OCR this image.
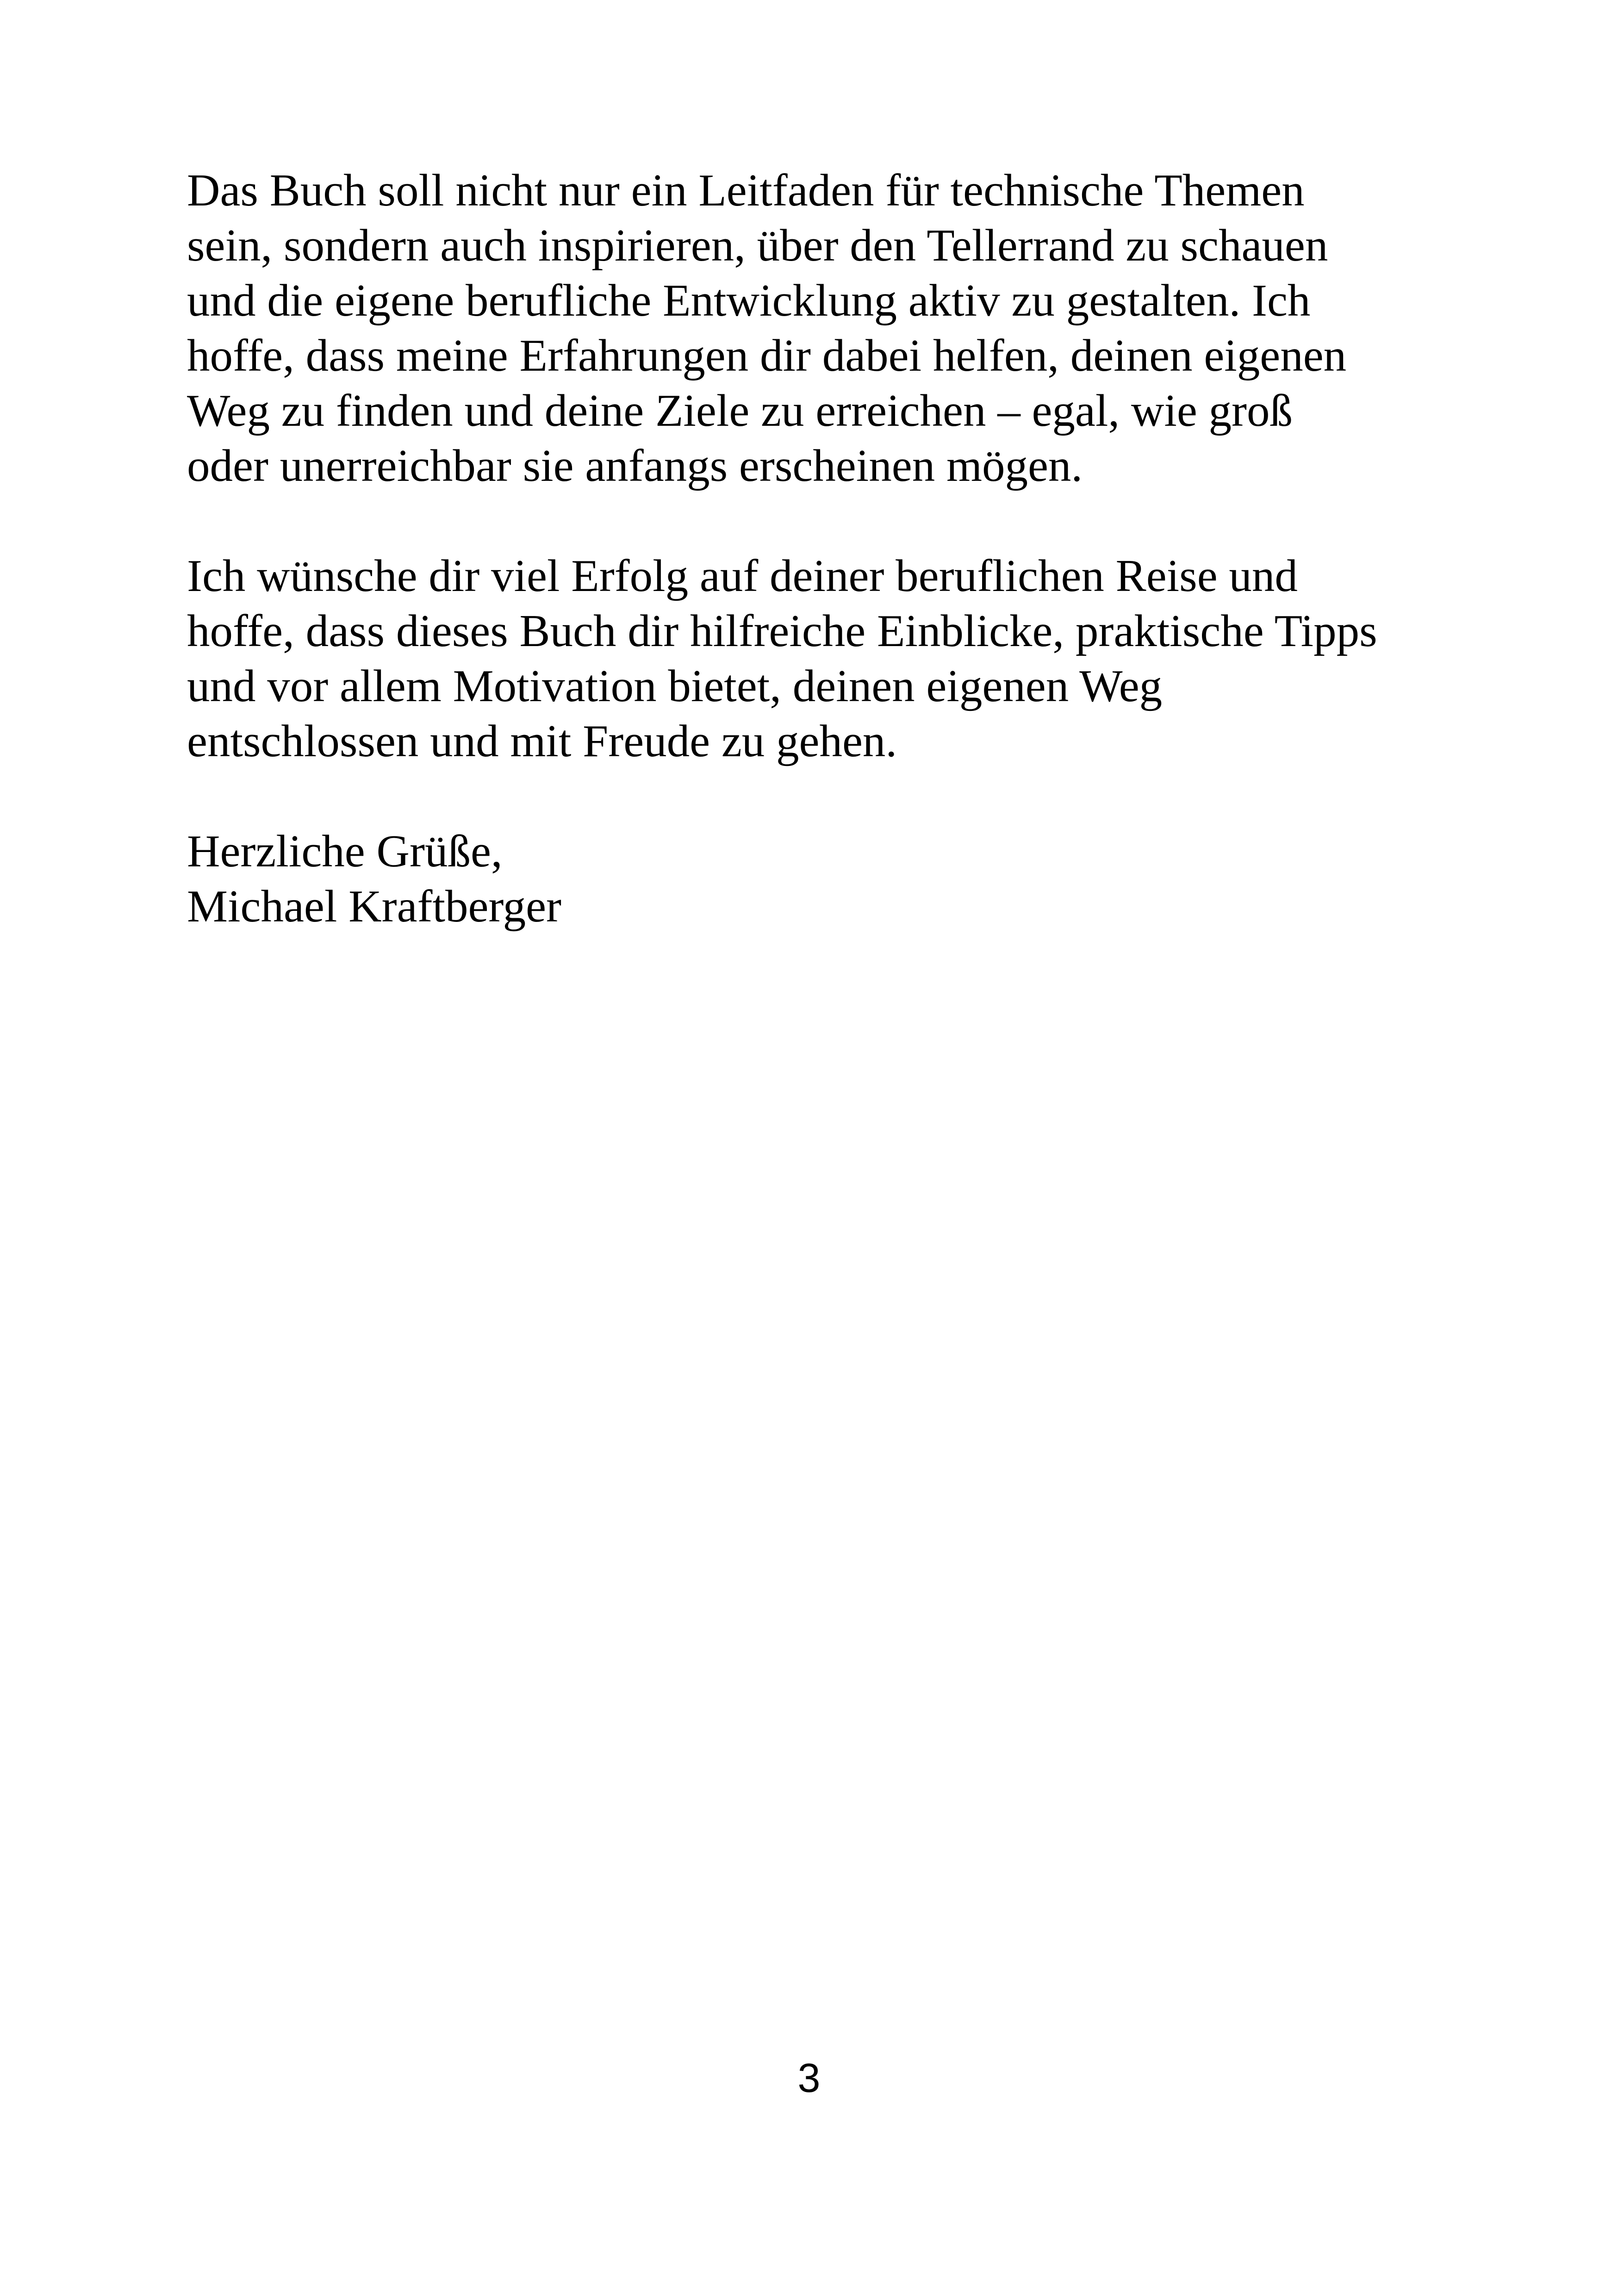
Das Buch soll nicht nur ein Leitfaden für technische Themen
sein, sondern auch inspirieren, über den Tellerrand zu schauen
und die eigene berufliche Entwicklung aktiv zu gestalten. Ich
hoffe, dass meine Erfahrungen dir dabei helfen, deinen eigenen
Weg zu finden und deine Ziele zu erreichen – egal, wie groß
oder unerreichbar sie anfangs erscheinen mögen.

Ich wünsche dir viel Erfolg auf deiner beruflichen Reise und
hoffe, dass dieses Buch dir hilfreiche Einblicke, praktische Tipps
und vor allem Motivation bietet, deinen eigenen Weg
entschlossen und mit Freude zu gehen.

Herzliche Grüße,
Michael Kraftberger

3
